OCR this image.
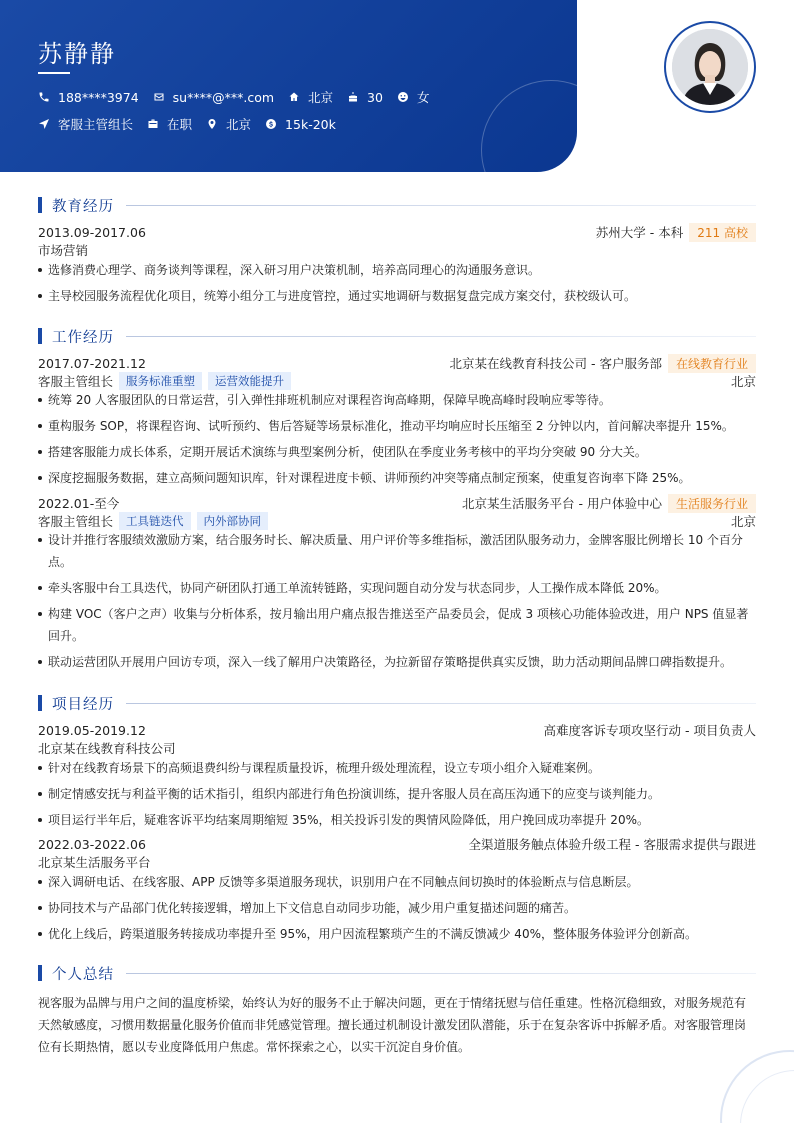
苏静静
188****3974	su****@***.com	北京	30	女
客服主管组长	在职	北京	15k-20k
教育经历
2013.09-2017.06	苏州大学 - 本科	211 高校
市场营销
选修消费心理学、商务谈判等课程，深入研习用户决策机制，培养高同理心的沟通服务意识。
主导校园服务流程优化项目，统筹小组分工与进度管控，通过实地调研与数据复盘完成方案交付，获校级认可。
工作经历
2017.07-2021.12	北京某在线教育科技公司 - 客户服务部	在线教育行业
客服主管组长	服务标准重塑	运营效能提升	北京
统筹 20 人客服团队的日常运营，引入弹性排班机制应对课程咨询高峰期，保障早晚高峰时段响应零等待。
重构服务 SOP，将课程咨询、试听预约、售后答疑等场景标准化，推动平均响应时长压缩至 2 分钟以内，首问解决率提升 15%。
搭建客服能力成长体系，定期开展话术演练与典型案例分析，使团队在季度业务考核中的平均分突破 90 分大关。
深度挖掘服务数据，建立高频问题知识库，针对课程进度卡顿、讲师预约冲突等痛点制定预案，使重复咨询率下降 25%。
2022.01-至今	北京某生活服务平台 - 用户体验中心	生活服务行业
客服主管组长	工具链迭代	内外部协同	北京
设计并推行客服绩效激励方案，结合服务时长、解决质量、用户评价等多维指标，激活团队服务动力，金牌客服比例增长 10 个百分点。
牵头客服中台工具迭代，协同产研团队打通工单流转链路，实现问题自动分发与状态同步，人工操作成本降低 20%。
构建 VOC（客户之声）收集与分析体系，按月输出用户痛点报告推送至产品委员会，促成 3 项核心功能体验改进，用户 NPS 值显著回升。
联动运营团队开展用户回访专项，深入一线了解用户决策路径，为拉新留存策略提供真实反馈，助力活动期间品牌口碑指数提升。
项目经历
2019.05-2019.12	高难度客诉专项攻坚行动 - 项目负责人
北京某在线教育科技公司
针对在线教育场景下的高频退费纠纷与课程质量投诉，梳理升级处理流程，设立专项小组介入疑难案例。
制定情感安抚与利益平衡的话术指引，组织内部进行角色扮演训练，提升客服人员在高压沟通下的应变与谈判能力。
项目运行半年后，疑难客诉平均结案周期缩短 35%，相关投诉引发的舆情风险降低，用户挽回成功率提升 20%。
2022.03-2022.06	全渠道服务触点体验升级工程 - 客服需求提供与跟进
北京某生活服务平台
深入调研电话、在线客服、APP 反馈等多渠道服务现状，识别用户在不同触点间切换时的体验断点与信息断层。
协同技术与产品部门优化转接逻辑，增加上下文信息自动同步功能，减少用户重复描述问题的痛苦。
优化上线后，跨渠道服务转接成功率提升至 95%，用户因流程繁琐产生的不满反馈减少 40%，整体服务体验评分创新高。
个人总结
视客服为品牌与用户之间的温度桥梁，始终认为好的服务不止于解决问题，更在于情绪抚慰与信任重建。性格沉稳细致，对服务规范有天然敏感度，习惯用数据量化服务价值而非凭感觉管理。擅长通过机制设计激发团队潜能，乐于在复杂客诉中拆解矛盾。对客服管理岗位有长期热情，愿以专业度降低用户焦虑。常怀探索之心，以实干沉淀自身价值。
